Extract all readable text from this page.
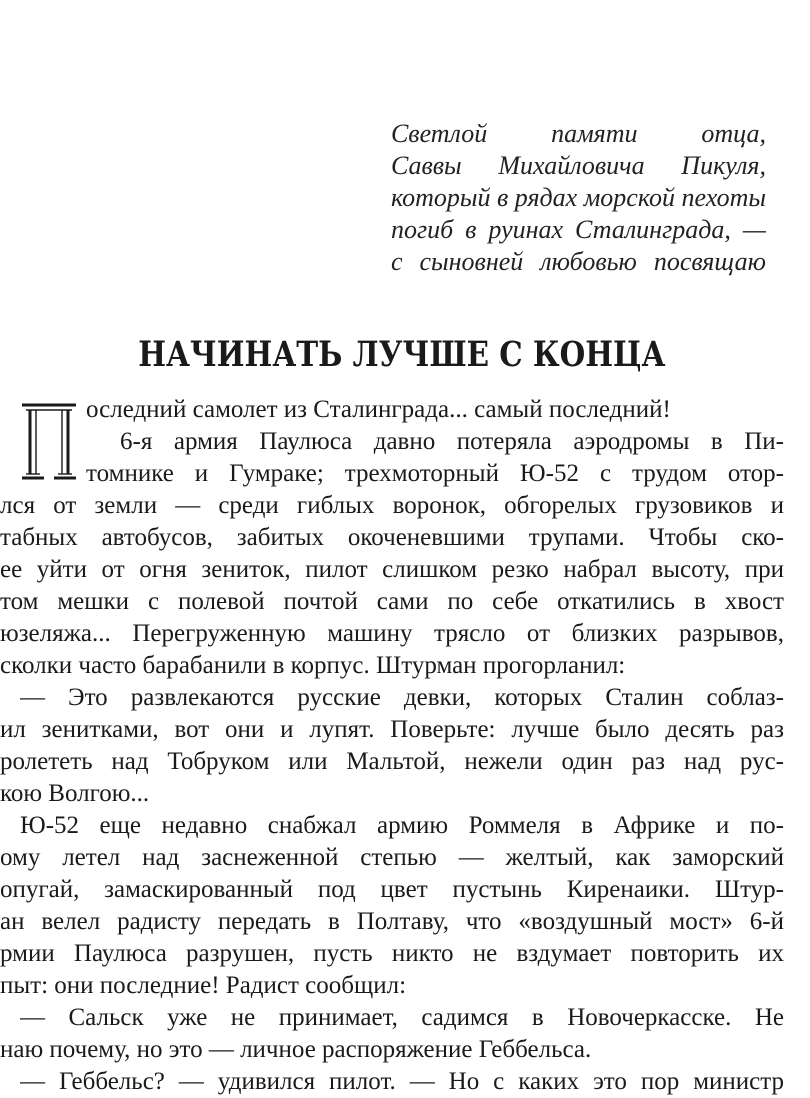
Светлой памяти отца,
Саввы Михайловича Пикуля,
который в рядах морской пехоты
погиб в руинах Сталинграда, —
с сыновней любовью посвящаю
НАЧИНАТЬ ЛУЧШЕ С КОНЦА
оследний самолет из Сталинграда... самый последний!
6-я армия Паулюса давно потеряла аэродромы в Пи-
томнике и Гумраке; трехмоторный Ю-52 с трудом отор-
лся от земли — среди гиблых воронок, обгорелых грузовиков и
табных автобусов, забитых окоченевшими трупами. Чтобы ско-
ее уйти от огня зениток, пилот слишком резко набрал высоту, при
том мешки с полевой почтой сами по себе откатились в хвост
юзеляжа... Перегруженную машину трясло от близких разрывов,
сколки часто барабанили в корпус. Штурман прогорланил:
— Это развлекаются русские девки, которых Сталин соблаз-
ил зенитками, вот они и лупят. Поверьте: лучше было десять раз
ролететь над Тобруком или Мальтой, нежели один раз над рус-
кою Волгою...
Ю-52 еще недавно снабжал армию Роммеля в Африке и по-
ому летел над заснеженной степью — желтый, как заморский
опугай, замаскированный под цвет пустынь Киренаики. Штур-
ан велел радисту передать в Полтаву, что «воздушный мост» 6-й
рмии Паулюса разрушен, пусть никто не вздумает повторить их
пыт: они последние! Радист сообщил:
— Сальск уже не принимает, садимся в Новочеркасске. Не
наю почему, но это — личное распоряжение Геббельса.
— Геббельс? — удивился пилот. — Но с каких это пор министр
